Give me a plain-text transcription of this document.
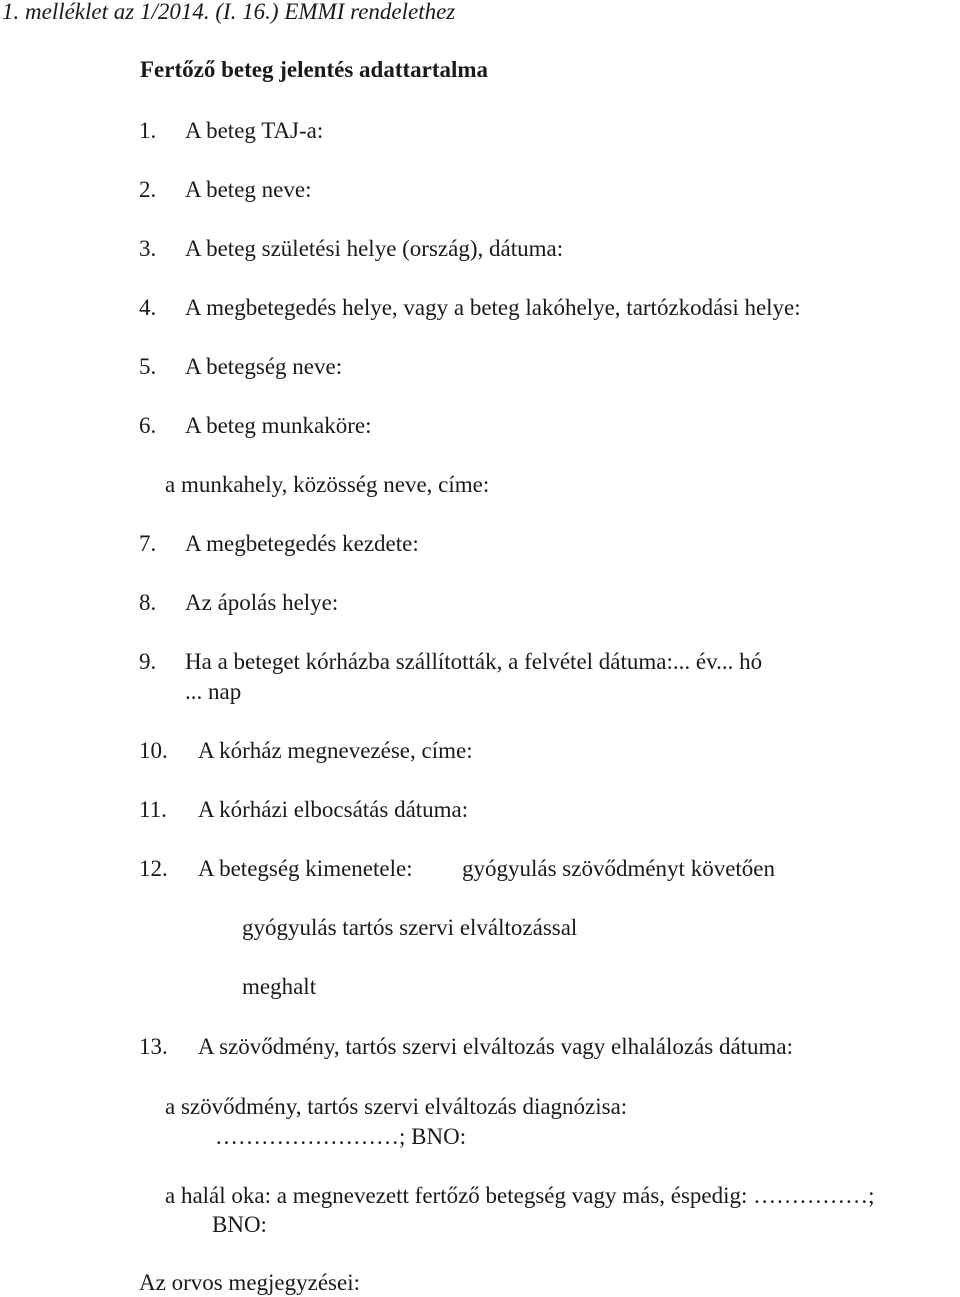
1. melléklet az 1/2014. (I. 16.) EMMI rendelethez
Fertőző beteg jelentés adattartalma
1. A beteg TAJ-a:
2. A beteg neve:
3. A beteg születési helye (ország), dátuma:
4. A megbetegedés helye, vagy a beteg lakóhelye, tartózkodási helye:
5. A betegség neve:
6. A beteg munkaköre:
a munkahely, közösség neve, címe:
7. A megbetegedés kezdete:
8. Az ápolás helye:
9. Ha a beteget kórházba szállították, a felvétel dátuma:... év... hó
... nap
10. A kórház megnevezése, címe:
11. A kórházi elbocsátás dátuma:
12. A betegség kimenetele: gyógyulás szövődményt követően
gyógyulás tartós szervi elváltozással
meghalt
13. A szövődmény, tartós szervi elváltozás vagy elhalálozás dátuma:
a szövődmény, tartós szervi elváltozás diagnózisa:
……………………; BNO:
a halál oka: a megnevezett fertőző betegség vagy más, éspedig: ……………;
BNO:
Az orvos megjegyzései:
